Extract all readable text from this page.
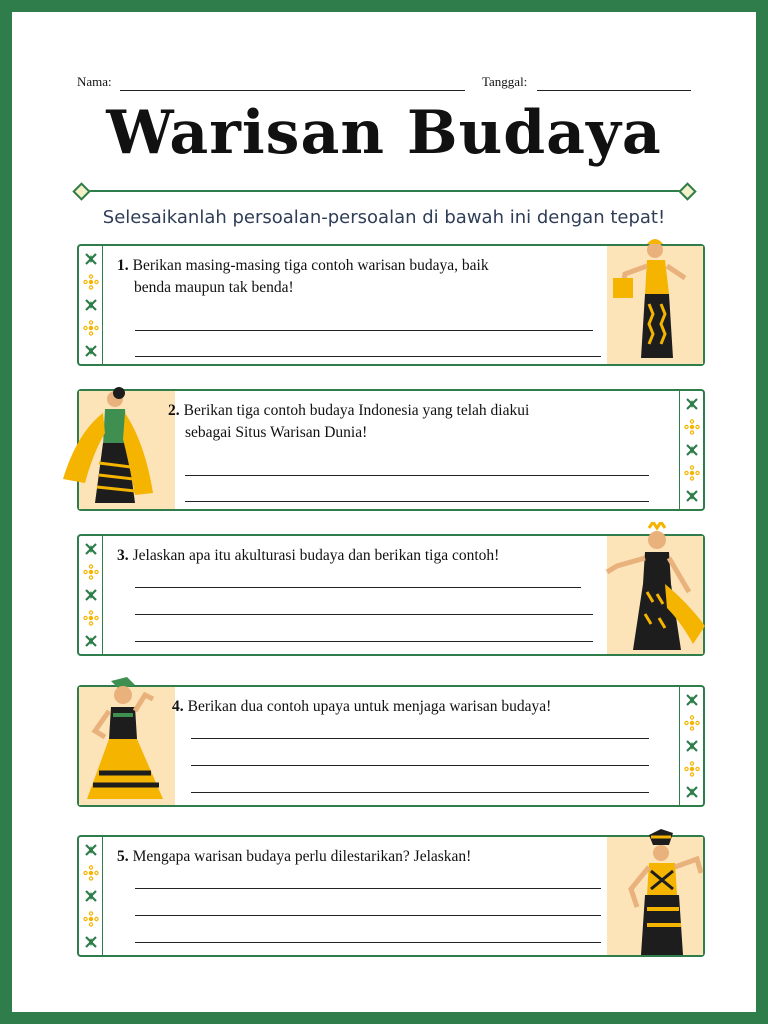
Nama:	Tanggal:
Warisan Budaya
Selesaikanlah persoalan-persoalan di bawah ini dengan tepat!
1. Berikan masing-masing tiga contoh warisan budaya, baik
benda maupun tak benda!
2. Berikan tiga contoh budaya Indonesia yang telah diakui
sebagai Situs Warisan Dunia!
3. Jelaskan apa itu akulturasi budaya dan berikan tiga contoh!
4. Berikan dua contoh upaya untuk menjaga warisan budaya!
5. Mengapa warisan budaya perlu dilestarikan? Jelaskan!
